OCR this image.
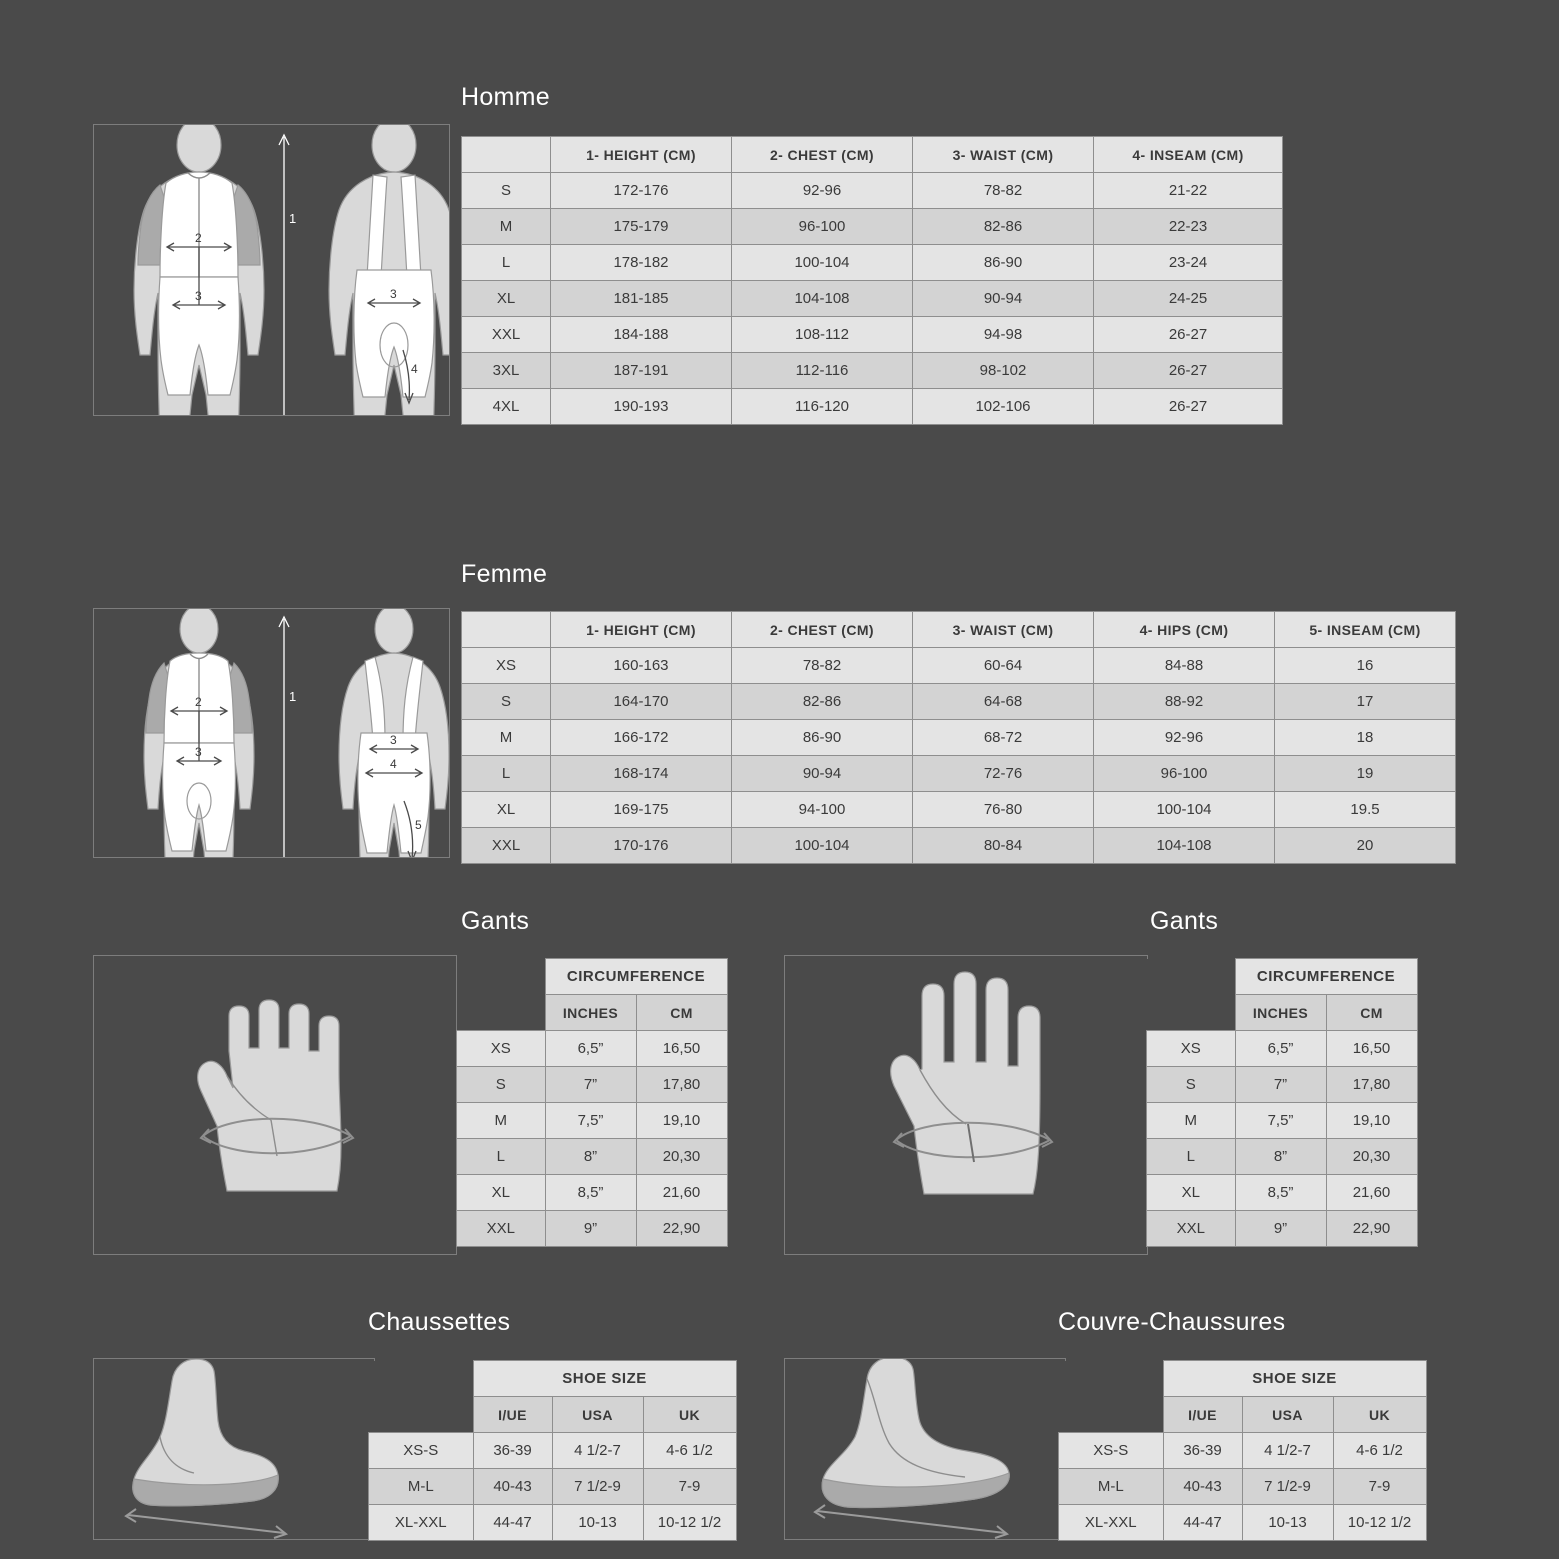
2
3
1
3
4
Homme
	1- HEIGHT (CM)	2- CHEST (CM)	3- WAIST (CM)	4- INSEAM (CM)
S	172-176	92-96	78-82	21-22
M	175-179	96-100	82-86	22-23
L	178-182	100-104	86-90	23-24
XL	181-185	104-108	90-94	24-25
XXL	184-188	108-112	94-98	26-27
3XL	187-191	112-116	98-102	26-27
4XL	190-193	116-120	102-106	26-27
2
3
1
3
4
5
Femme
	1- HEIGHT (CM)	2- CHEST (CM)	3- WAIST (CM)	4- HIPS (CM)	5- INSEAM (CM)
XS	160-163	78-82	60-64	84-88	16
S	164-170	82-86	64-68	88-92	17
M	166-172	86-90	68-72	92-96	18
L	168-174	90-94	72-76	96-100	19
XL	169-175	94-100	76-80	100-104	19.5
XXL	170-176	100-104	80-84	104-108	20
Gants
	CIRCUMFERENCE	
	INCHES	CM
XS	6,5”	16,50
S	7”	17,80
M	7,5”	19,10
L	8”	20,30
XL	8,5”	21,60
XXL	9”	22,90
Gants
	CIRCUMFERENCE	
	INCHES	CM
XS	6,5”	16,50
S	7”	17,80
M	7,5”	19,10
L	8”	20,30
XL	8,5”	21,60
XXL	9”	22,90
Chaussettes
	SHOE SIZE		
	I/UE	USA	UK
XS-S	36-39	4 1/2-7	4-6 1/2
M-L	40-43	7 1/2-9	7-9
XL-XXL	44-47	10-13	10-12 1/2
Couvre-Chaussures
	SHOE SIZE		
	I/UE	USA	UK
XS-S	36-39	4 1/2-7	4-6 1/2
M-L	40-43	7 1/2-9	7-9
XL-XXL	44-47	10-13	10-12 1/2
